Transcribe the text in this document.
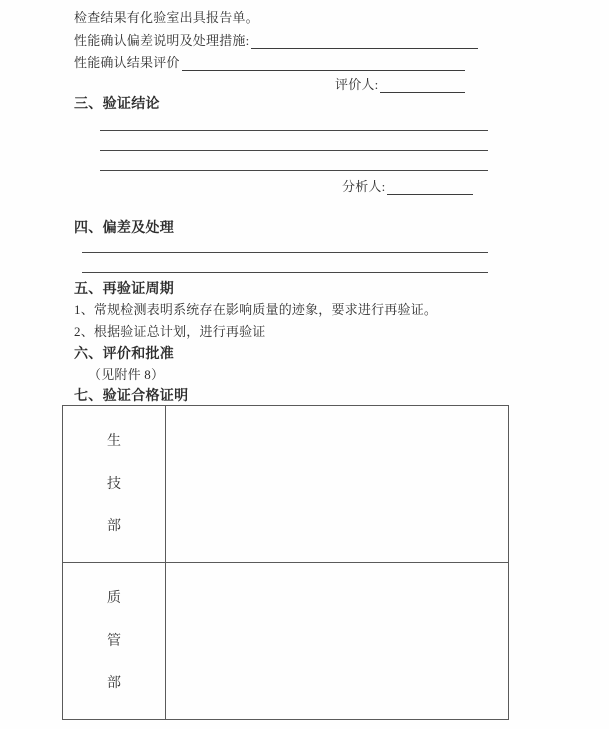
检查结果有化验室出具报告单。
性能确认偏差说明及处理措施:
性能确认结果评价
评价人:
三、验证结论
分析人:
四、偏差及处理
五、再验证周期
1、常规检测表明系统存在影响质量的迹象，要求进行再验证。
2、根据验证总计划，进行再验证
六、评价和批准
（见附件 8）
七、验证合格证明
生
技
部
质
管
部
